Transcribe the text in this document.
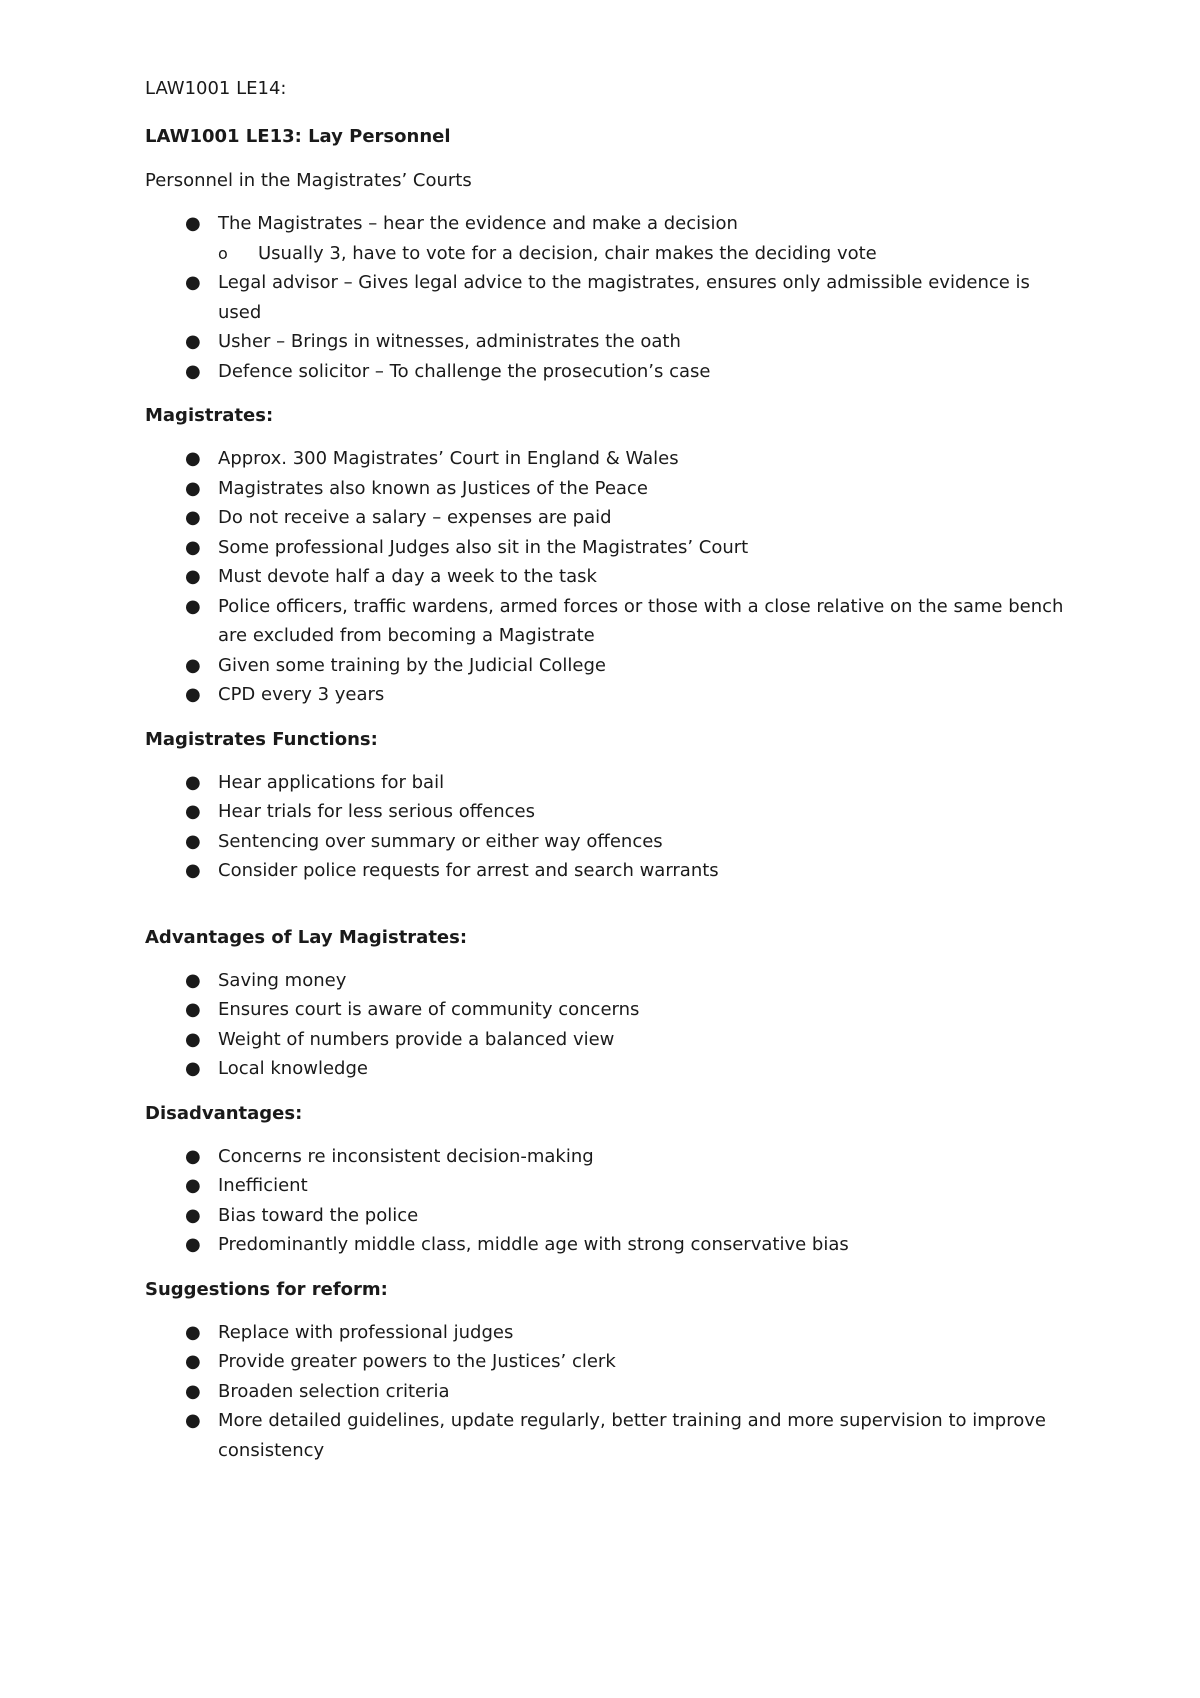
LAW1001 LE14:
LAW1001 LE13: Lay Personnel
Personnel in the Magistrates’ Courts
● The Magistrates – hear the evidence and make a decision
o Usually 3, have to vote for a decision, chair makes the deciding vote
● Legal advisor – Gives legal advice to the magistrates, ensures only admissible evidence is used
● Usher – Brings in witnesses, administrates the oath
● Defence solicitor – To challenge the prosecution’s case
Magistrates:
● Approx. 300 Magistrates’ Court in England & Wales
● Magistrates also known as Justices of the Peace
● Do not receive a salary – expenses are paid
● Some professional Judges also sit in the Magistrates’ Court
● Must devote half a day a week to the task
● Police officers, traffic wardens, armed forces or those with a close relative on the same bench are excluded from becoming a Magistrate
● Given some training by the Judicial College
● CPD every 3 years
Magistrates Functions:
● Hear applications for bail
● Hear trials for less serious offences
● Sentencing over summary or either way offences
● Consider police requests for arrest and search warrants
Advantages of Lay Magistrates:
● Saving money
● Ensures court is aware of community concerns
● Weight of numbers provide a balanced view
● Local knowledge
Disadvantages:
● Concerns re inconsistent decision-making
● Inefficient
● Bias toward the police
● Predominantly middle class, middle age with strong conservative bias
Suggestions for reform:
● Replace with professional judges
● Provide greater powers to the Justices’ clerk
● Broaden selection criteria
● More detailed guidelines, update regularly, better training and more supervision to improve consistency
